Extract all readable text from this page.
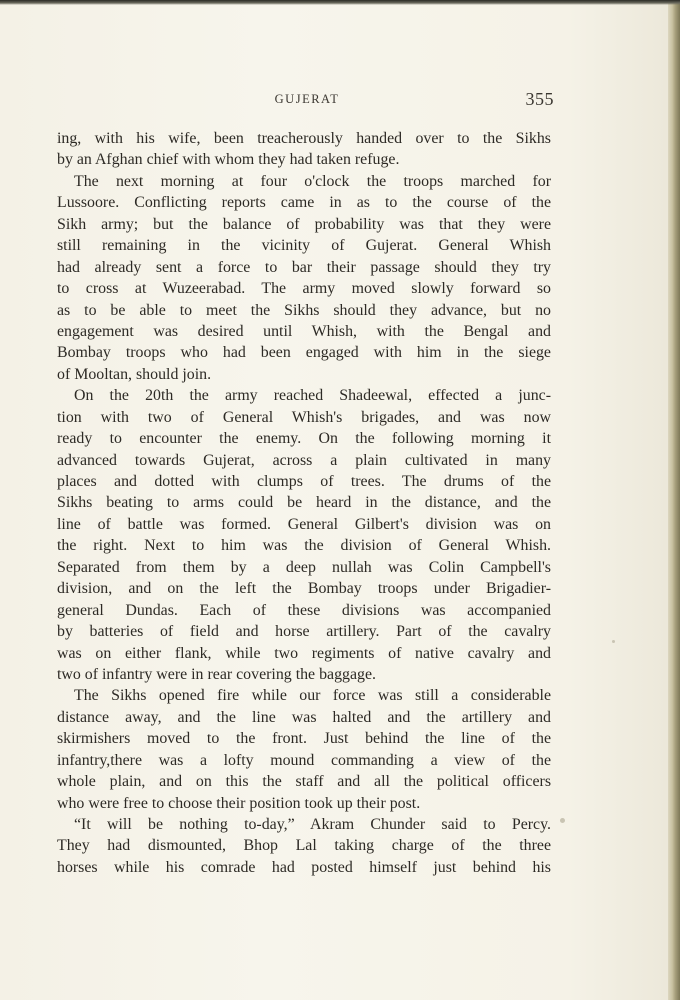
GUJERAT	355
ing, with his wife, been treacherously handed over to the Sikhs
by an Afghan chief with whom they had taken refuge.
The next morning at four o'clock the troops marched for
Lussoore. Conflicting reports came in as to the course of the
Sikh army; but the balance of probability was that they were
still remaining in the vicinity of Gujerat. General Whish
had already sent a force to bar their passage should they try
to cross at Wuzeerabad. The army moved slowly forward so
as to be able to meet the Sikhs should they advance, but no
engagement was desired until Whish, with the Bengal and
Bombay troops who had been engaged with him in the siege
of Mooltan, should join.
On the 20th the army reached Shadeewal, effected a junc-
tion with two of General Whish's brigades, and was now
ready to encounter the enemy. On the following morning it
advanced towards Gujerat, across a plain cultivated in many
places and dotted with clumps of trees. The drums of the
Sikhs beating to arms could be heard in the distance, and the
line of battle was formed. General Gilbert's division was on
the right. Next to him was the division of General Whish.
Separated from them by a deep nullah was Colin Campbell's
division, and on the left the Bombay troops under Brigadier-
general Dundas. Each of these divisions was accompanied
by batteries of field and horse artillery. Part of the cavalry
was on either flank, while two regiments of native cavalry and
two of infantry were in rear covering the baggage.
The Sikhs opened fire while our force was still a considerable
distance away, and the line was halted and the artillery and
skirmishers moved to the front. Just behind the line of the
infantry,there was a lofty mound commanding a view of the
whole plain, and on this the staff and all the political officers
who were free to choose their position took up their post.
“It will be nothing to-day,” Akram Chunder said to Percy.
They had dismounted, Bhop Lal taking charge of the three
horses while his comrade had posted himself just behind his
